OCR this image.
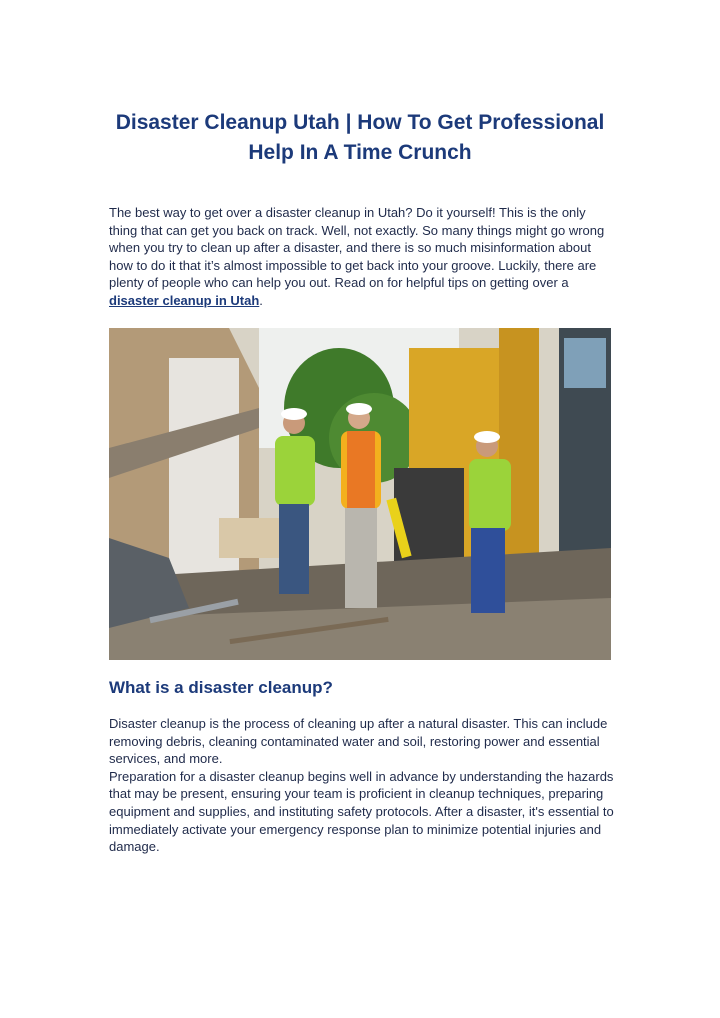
Disaster Cleanup Utah | How To Get Professional Help In A Time Crunch

The best way to get over a disaster cleanup in Utah? Do it yourself! This is the only thing that can get you back on track. Well, not exactly. So many things might go wrong when you try to clean up after a disaster, and there is so much misinformation about how to do it that it’s almost impossible to get back into your groove. Luckily, there are plenty of people who can help you out. Read on for helpful tips on getting over a disaster cleanup in Utah.

What is a disaster cleanup?

Disaster cleanup is the process of cleaning up after a natural disaster. This can include removing debris, cleaning contaminated water and soil, restoring power and essential services, and more.

Preparation for a disaster cleanup begins well in advance by understanding the hazards that may be present, ensuring your team is proficient in cleanup techniques, preparing equipment and supplies, and instituting safety protocols. After a disaster, it's essential to immediately activate your emergency response plan to minimize potential injuries and damage.
